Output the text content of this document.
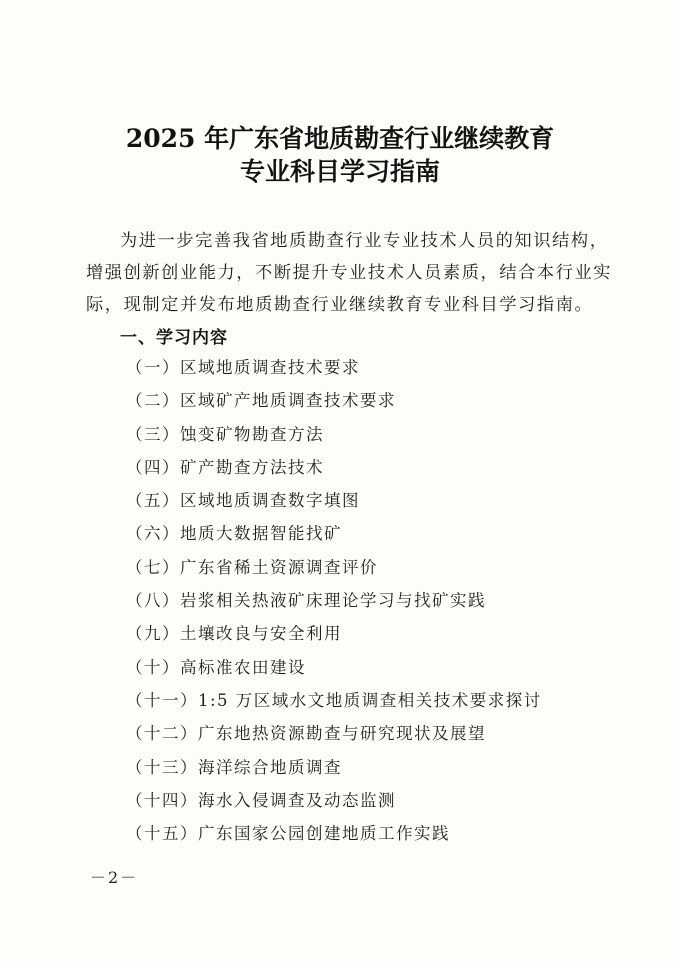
2025 年广东省地质勘查行业继续教育
专业科目学习指南
为进一步完善我省地质勘查行业专业技术人员的知识结构，
增强创新创业能力，不断提升专业技术人员素质，结合本行业实
际，现制定并发布地质勘查行业继续教育专业科目学习指南。
一、学习内容
（一）区域地质调查技术要求
（二）区域矿产地质调查技术要求
（三）蚀变矿物勘查方法
（四）矿产勘查方法技术
（五）区域地质调查数字填图
（六）地质大数据智能找矿
（七）广东省稀土资源调查评价
（八）岩浆相关热液矿床理论学习与找矿实践
（九）土壤改良与安全利用
（十）高标准农田建设
（十一）1:5 万区域水文地质调查相关技术要求探讨
（十二）广东地热资源勘查与研究现状及展望
（十三）海洋综合地质调查
（十四）海水入侵调查及动态监测
（十五）广东国家公园创建地质工作实践
－2－
